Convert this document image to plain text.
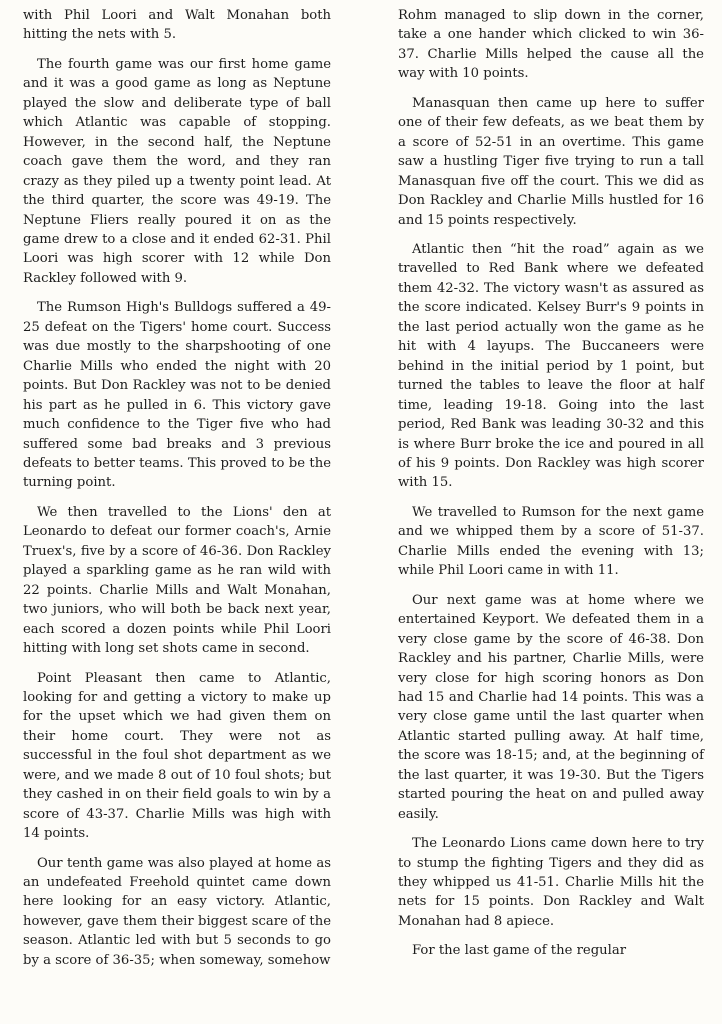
with Phil Loori and Walt Monahan both hitting the nets with 5.

The fourth game was our first home game and it was a good game as long as Neptune played the slow and deliberate type of ball which Atlantic was capable of stopping. However, in the second half, the Neptune coach gave them the word, and they ran crazy as they piled up a twenty point lead. At the third quarter, the score was 49-19. The Neptune Fliers really poured it on as the game drew to a close and it ended 62-31. Phil Loori was high scorer with 12 while Don Rackley followed with 9.

The Rumson High's Bulldogs suffered a 49-25 defeat on the Tigers' home court. Success was due mostly to the sharpshooting of one Charlie Mills who ended the night with 20 points. But Don Rackley was not to be denied his part as he pulled in 6. This victory gave much confidence to the Tiger five who had suffered some bad breaks and 3 previous defeats to better teams. This proved to be the turning point.

We then travelled to the Lions' den at Leonardo to defeat our former coach's, Arnie Truex's, five by a score of 46-36. Don Rackley played a sparkling game as he ran wild with 22 points. Charlie Mills and Walt Monahan, two juniors, who will both be back next year, each scored a dozen points while Phil Loori hitting with long set shots came in second.

Point Pleasant then came to Atlantic, looking for and getting a victory to make up for the upset which we had given them on their home court. They were not as successful in the foul shot department as we were, and we made 8 out of 10 foul shots; but they cashed in on their field goals to win by a score of 43-37. Charlie Mills was high with 14 points.

Our tenth game was also played at home as an undefeated Freehold quintet came down here looking for an easy victory. Atlantic, however, gave them their biggest scare of the season. Atlantic led with but 5 seconds to go by a score of 36-35; when someway, somehow

Rohm managed to slip down in the corner, take a one hander which clicked to win 36-37. Charlie Mills helped the cause all the way with 10 points.

Manasquan then came up here to suffer one of their few defeats, as we beat them by a score of 52-51 in an overtime. This game saw a hustling Tiger five trying to run a tall Manasquan five off the court. This we did as Don Rackley and Charlie Mills hustled for 16 and 15 points respectively.

Atlantic then “hit the road” again as we travelled to Red Bank where we defeated them 42-32. The victory wasn't as assured as the score indicated. Kelsey Burr's 9 points in the last period actually won the game as he hit with 4 layups. The Buccaneers were behind in the initial period by 1 point, but turned the tables to leave the floor at half time, leading 19-18. Going into the last period, Red Bank was leading 30-32 and this is where Burr broke the ice and poured in all of his 9 points. Don Rackley was high scorer with 15.

We travelled to Rumson for the next game and we whipped them by a score of 51-37. Charlie Mills ended the evening with 13; while Phil Loori came in with 11.

Our next game was at home where we entertained Keyport. We defeated them in a very close game by the score of 46-38. Don Rackley and his partner, Charlie Mills, were very close for high scoring honors as Don had 15 and Charlie had 14 points. This was a very close game until the last quarter when Atlantic started pulling away. At half time, the score was 18-15; and, at the beginning of the last quarter, it was 19-30. But the Tigers started pouring the heat on and pulled away easily.

The Leonardo Lions came down here to try to stump the fighting Tigers and they did as they whipped us 41-51. Charlie Mills hit the nets for 15 points. Don Rackley and Walt Monahan had 8 apiece.

For the last game of the regular
